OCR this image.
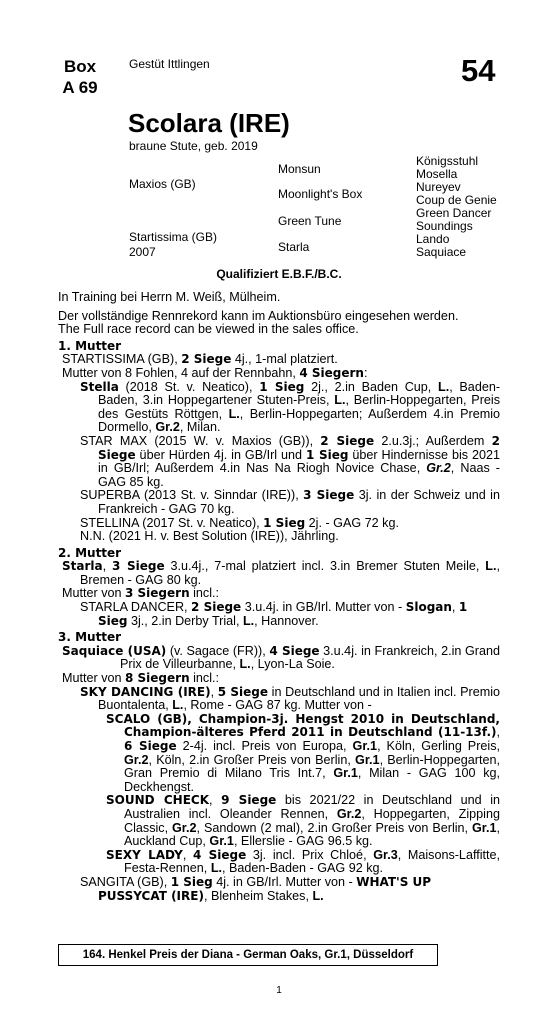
Box
A 69
Gestüt Ittlingen	54
Scolara (IRE)
braune Stute, geb. 2019
Maxios (GB)
Startissima (GB)
2007
Monsun
Moonlight's Box
Green Tune
Starla
Königsstuhl
Mosella
Nureyev
Coup de Genie
Green Dancer
Soundings
Lando
Saquiace
Qualifiziert E.B.F./B.C.

In Training bei Herrn M. Weiß, Mülheim.

Der vollständige Rennrekord kann im Auktionsbüro eingesehen werden.

The Full race record can be viewed in the sales office.

1. Mutter

STARTISSIMA (GB), 2 Siege 4j., 1-mal platziert.

Mutter von 8 Fohlen, 4 auf der Rennbahn, 4 Siegern:

Stella (2018 St. v. Neatico), 1 Sieg 2j., 2.in Baden Cup, L., Baden-Baden, 3.in Hoppegartener Stuten-Preis, L., Berlin-Hoppegarten, Preis des Gestüts Röttgen, L., Berlin-Hoppegarten; Außerdem 4.in Premio Dormello, Gr.2, Milan.

STAR MAX (2015 W. v. Maxios (GB)), 2 Siege 2.u.3j.; Außerdem 2 Siege über Hürden 4j. in GB/Irl und 1 Sieg über Hindernisse bis 2021 in GB/Irl; Außerdem 4.in Nas Na Riogh Novice Chase, Gr.2, Naas - GAG 85 kg.

SUPERBA (2013 St. v. Sinndar (IRE)), 3 Siege 3j. in der Schweiz und in Frankreich - GAG 70 kg.

STELLINA (2017 St. v. Neatico), 1 Sieg 2j. - GAG 72 kg.

N.N. (2021 H. v. Best Solution (IRE)), Jährling.

2. Mutter

Starla, 3 Siege 3.u.4j., 7-mal platziert incl. 3.in Bremer Stuten Meile, L., Bremen - GAG 80 kg.

Mutter von 3 Siegern incl.:

STARLA DANCER, 2 Siege 3.u.4j. in GB/Irl. Mutter von - Slogan, 1 Sieg 3j., 2.in Derby Trial, L., Hannover.

3. Mutter

Saquiace (USA) (v. Sagace (FR)), 4 Siege 3.u.4j. in Frankreich, 2.in Grand Prix de Villeurbanne, L., Lyon-La Soie.

Mutter von 8 Siegern incl.:

SKY DANCING (IRE), 5 Siege in Deutschland und in Italien incl. Premio Buontalenta, L., Rome - GAG 87 kg. Mutter von -

SCALO (GB), Champion-3j. Hengst 2010 in Deutschland, Champion-älteres Pferd 2011 in Deutschland (11-13f.), 6 Siege 2-4j. incl. Preis von Europa, Gr.1, Köln, Gerling Preis, Gr.2, Köln, 2.in Großer Preis von Berlin, Gr.1, Berlin-Hoppegarten, Gran Premio di Milano Tris Int.7, Gr.1, Milan - GAG 100 kg, Deckhengst.

SOUND CHECK, 9 Siege bis 2021/22 in Deutschland und in Australien incl. Oleander Rennen, Gr.2, Hoppegarten, Zipping Classic, Gr.2, Sandown (2 mal), 2.in Großer Preis von Berlin, Gr.1, Auckland Cup, Gr.1, Ellerslie - GAG 96.5 kg.

SEXY LADY, 4 Siege 3j. incl. Prix Chloé, Gr.3, Maisons-Laffitte, Festa-Rennen, L., Baden-Baden - GAG 92 kg.

SANGITA (GB), 1 Sieg 4j. in GB/Irl. Mutter von - WHAT'S UP PUSSYCAT (IRE), Blenheim Stakes, L.

164. Henkel Preis der Diana - German Oaks, Gr.1, Düsseldorf
1
